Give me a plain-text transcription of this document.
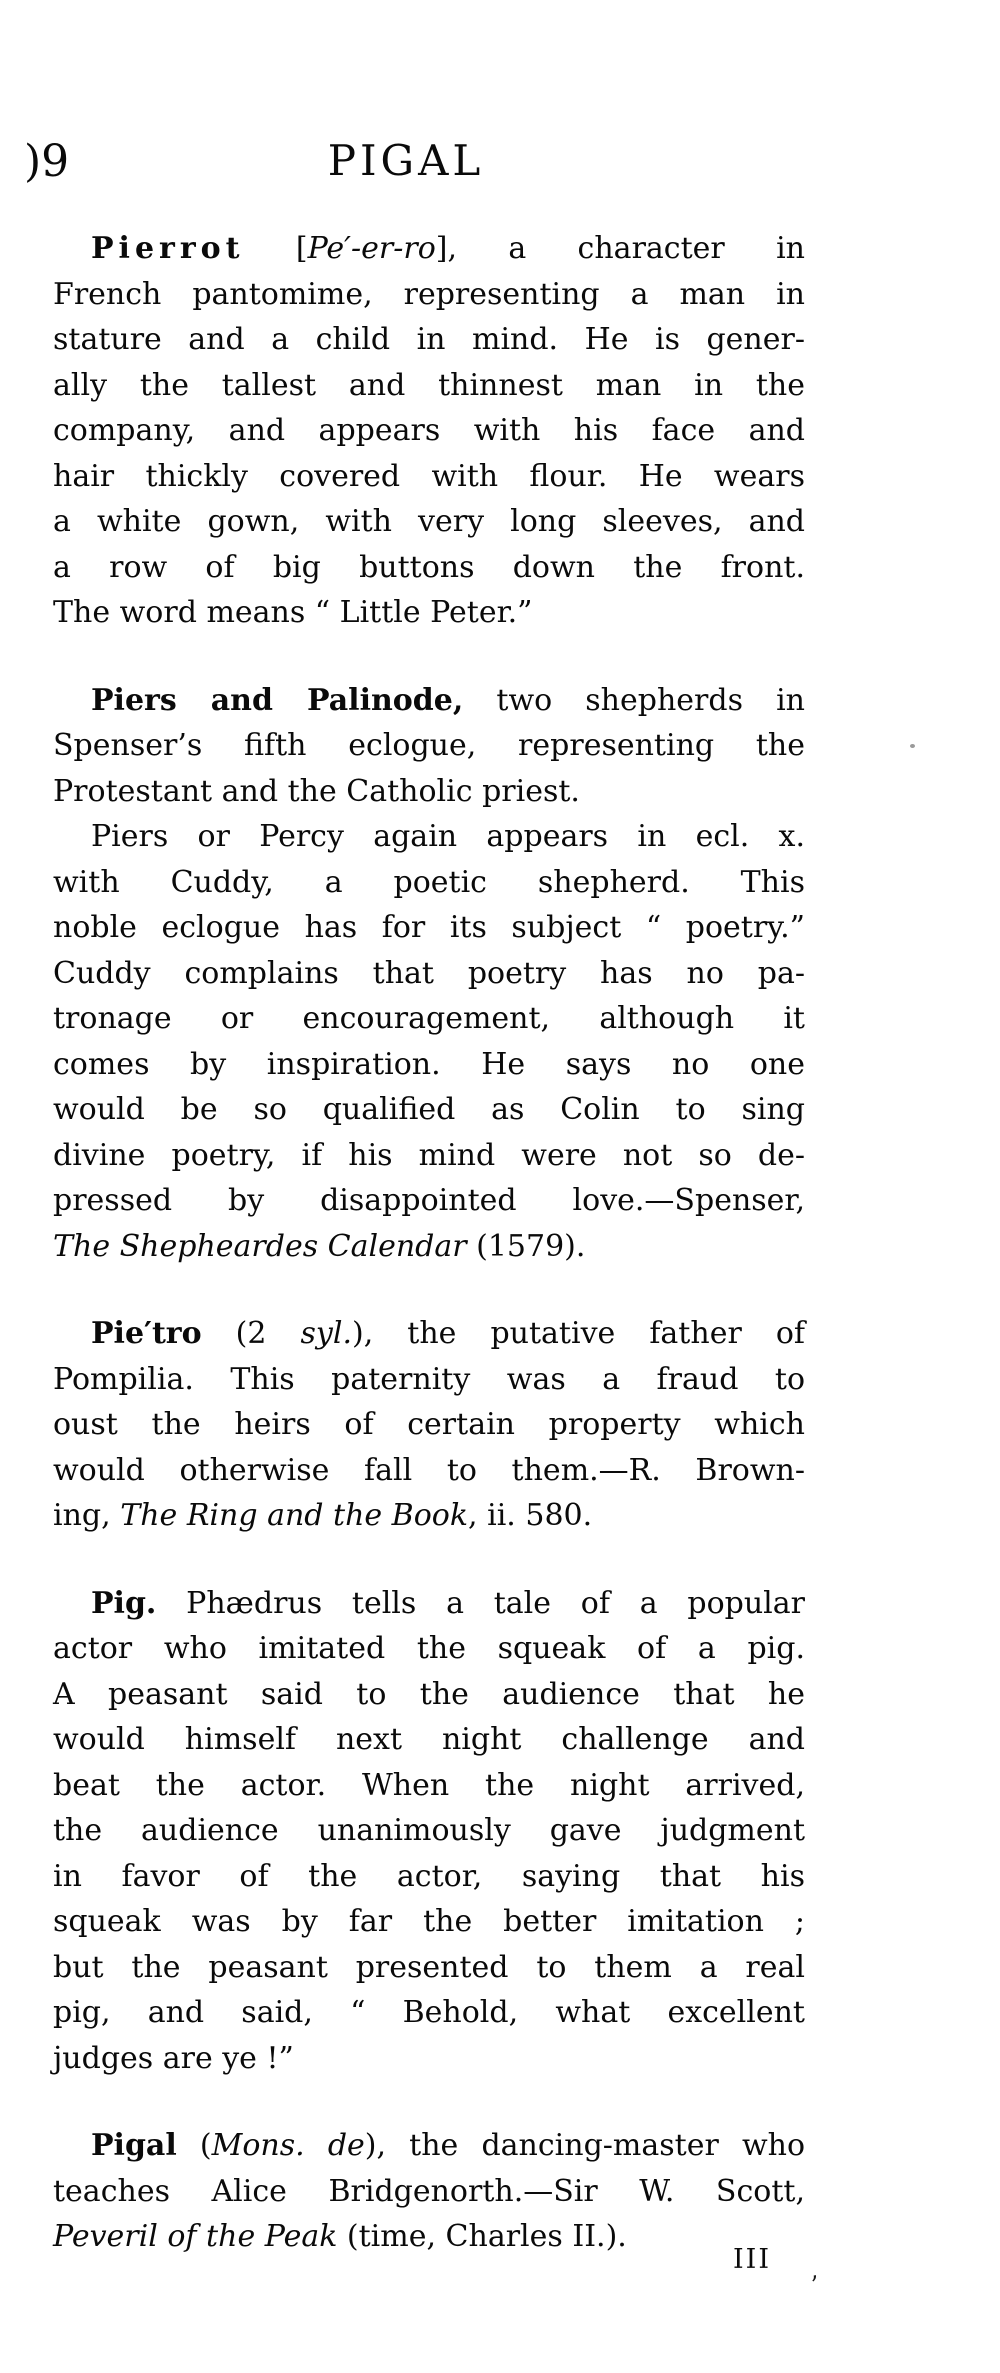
)9	PIGAL
Pierrot [Pe′-er-ro], a character in
French pantomime, representing a man in
stature and a child in mind. He is gener-
ally the tallest and thinnest man in the
company, and appears with his face and
hair thickly covered with flour. He wears
a white gown, with very long sleeves, and
a row of big buttons down the front.
The word means “ Little Peter.”
Piers and Palinode, two shepherds in
Spenser’s fifth eclogue, representing the
Protestant and the Catholic priest.
Piers or Percy again appears in ecl. x.
with Cuddy, a poetic shepherd. This
noble eclogue has for its subject “ poetry.”
Cuddy complains that poetry has no pa-
tronage or encouragement, although it
comes by inspiration. He says no one
would be so qualified as Colin to sing
divine poetry, if his mind were not so de-
pressed by disappointed love.—Spenser,
The Shepheardes Calendar (1579).
Pie′tro (2 syl.), the putative father of
Pompilia. This paternity was a fraud to
oust the heirs of certain property which
would otherwise fall to them.—R. Brown-
ing, The Ring and the Book, ii. 580.
Pig. Phædrus tells a tale of a popular
actor who imitated the squeak of a pig.
A peasant said to the audience that he
would himself next night challenge and
beat the actor. When the night arrived,
the audience unanimously gave judgment
in favor of the actor, saying that his
squeak was by far the better imitation ;
but the peasant presented to them a real
pig, and said, “ Behold, what excellent
judges are ye !”
Pigal (Mons. de), the dancing-master who
teaches Alice Bridgenorth.—Sir W. Scott,
Peveril of the Peak (time, Charles II.).
III ,
